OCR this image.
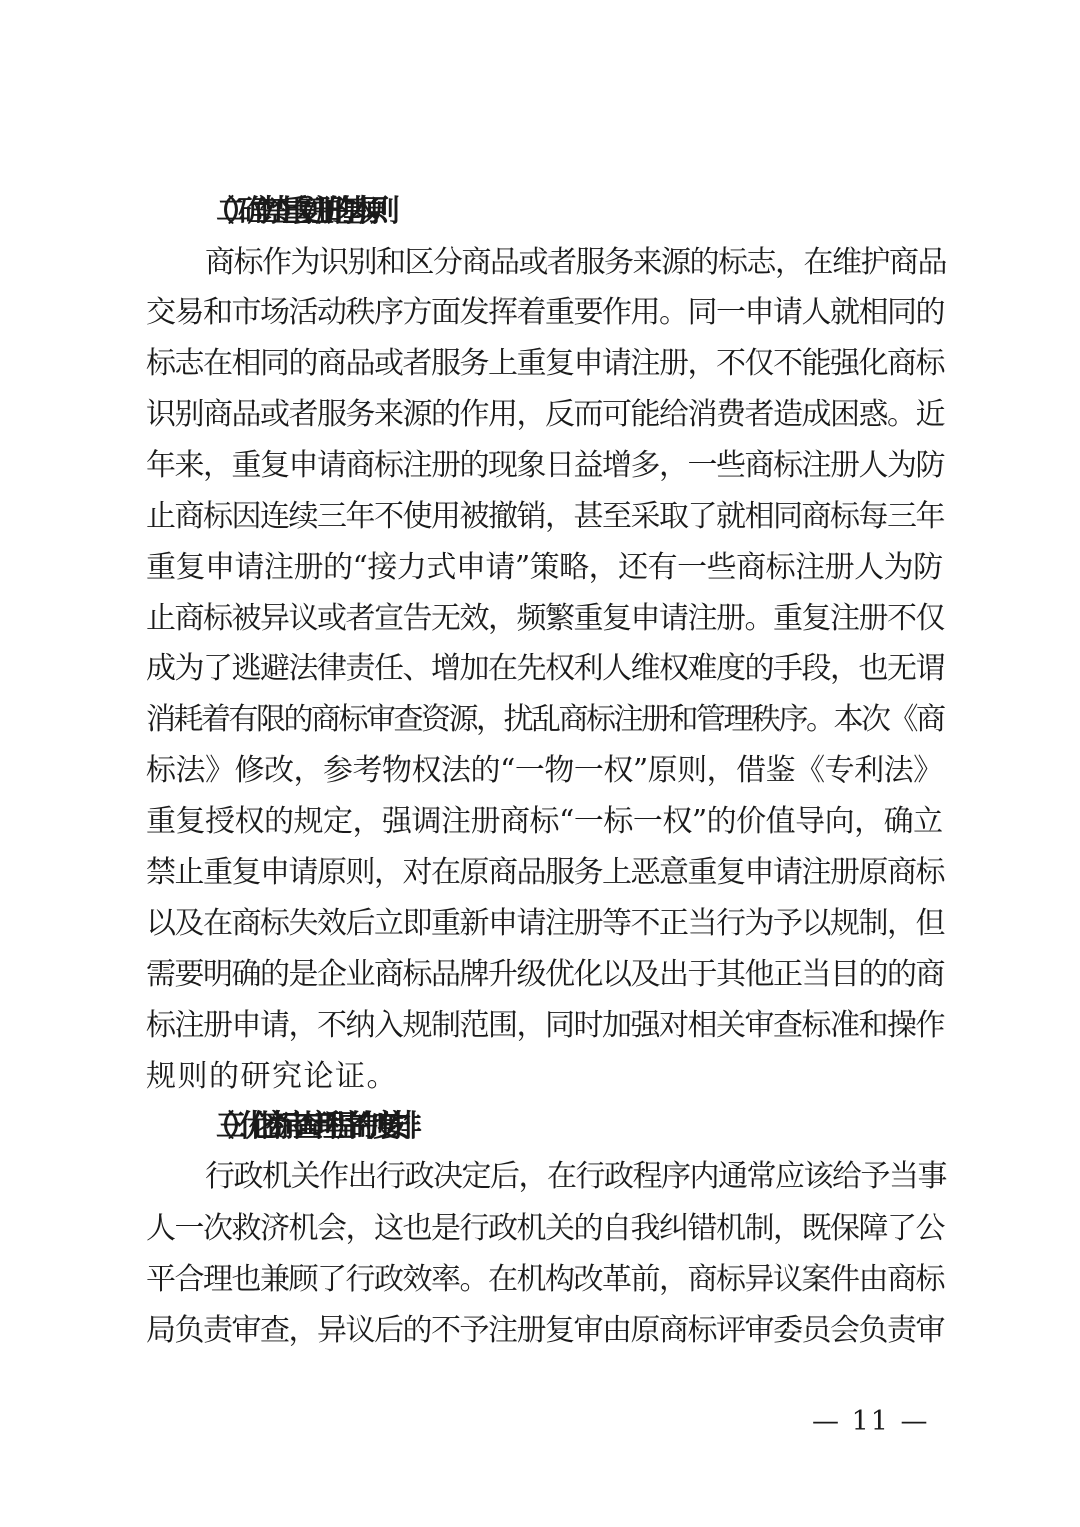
（二）确立禁止重复注册的基本原则
商标作为识别和区分商品或者服务来源的标志，在维护商品
交易和市场活动秩序方面发挥着重要作用。同一申请人就相同的
标志在相同的商品或者服务上重复申请注册，不仅不能强化商标
识别商品或者服务来源的作用，反而可能给消费者造成困惑。近
年来，重复申请商标注册的现象日益增多，一些商标注册人为防
止商标因连续三年不使用被撤销，甚至采取了就相同商标每三年
重复申请注册的“接力式申请”策略，还有一些商标注册人为防
止商标被异议或者宣告无效，频繁重复申请注册。重复注册不仅
成为了逃避法律责任、增加在先权利人维权难度的手段，也无谓
消耗着有限的商标审查资源，扰乱商标注册和管理秩序。本次《商
标法》修改，参考物权法的“一物一权”原则，借鉴《专利法》
重复授权的规定，强调注册商标“一标一权”的价值导向，确立
禁止重复申请原则，对在原商品服务上恶意重复申请注册原商标
以及在商标失效后立即重新申请注册等不正当行为予以规制，但
需要明确的是企业商标品牌升级优化以及出于其他正当目的的商
标注册申请，不纳入规制范围，同时加强对相关审查标准和操作
规则的研究论证。
（三）优化商标审查审理程序的制度安排
行政机关作出行政决定后，在行政程序内通常应该给予当事
人一次救济机会，这也是行政机关的自我纠错机制，既保障了公
平合理也兼顾了行政效率。在机构改革前，商标异议案件由商标
局负责审查，异议后的不予注册复审由原商标评审委员会负责审
— 11 —
